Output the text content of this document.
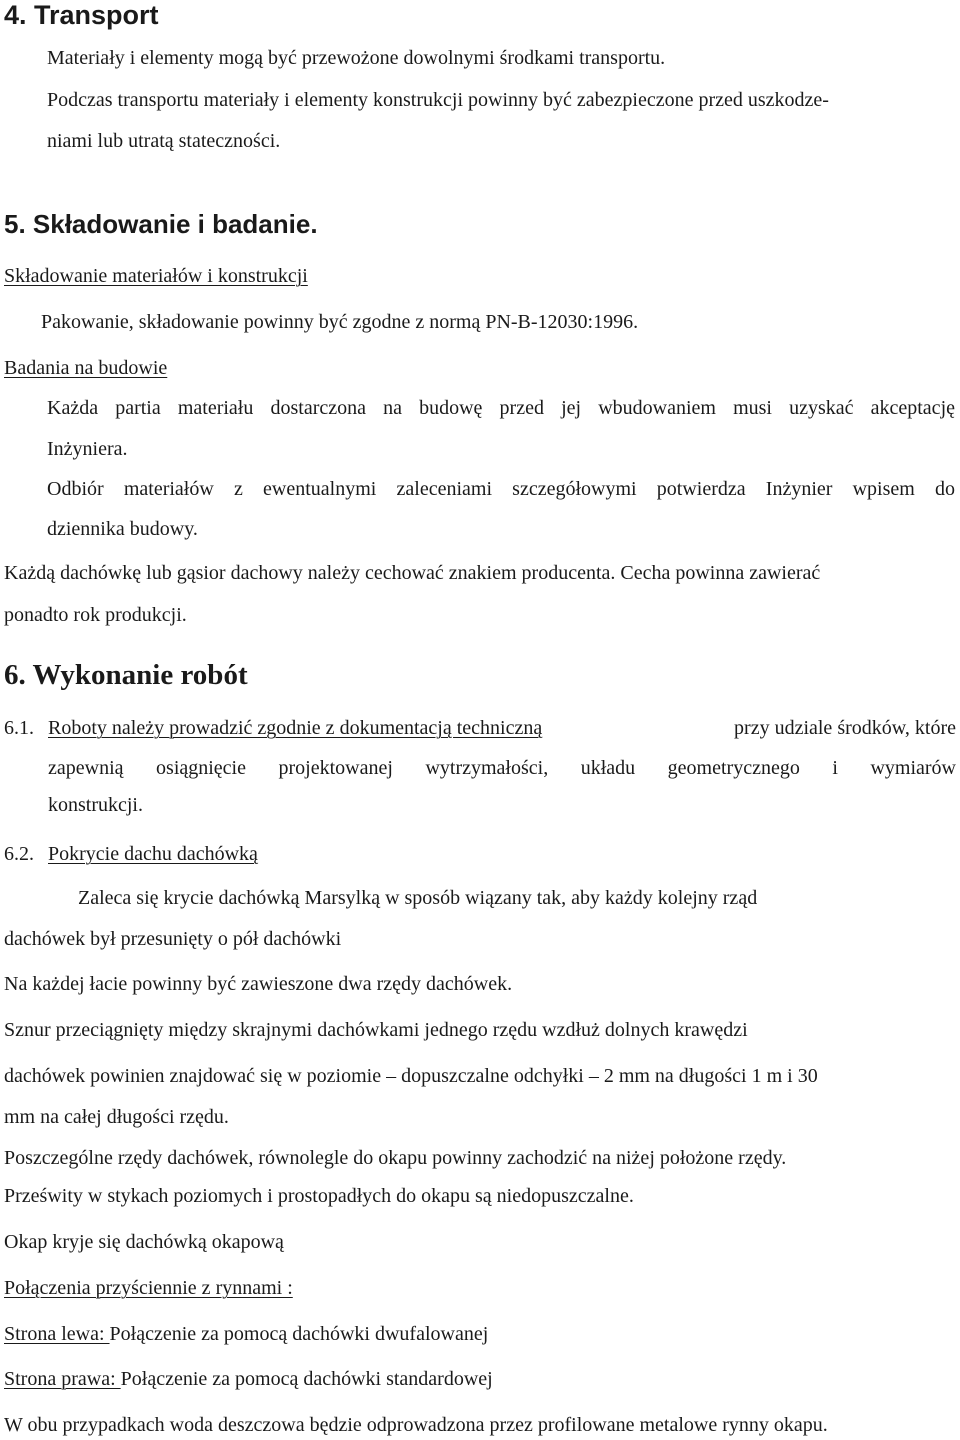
4. Transport
Materiały i elementy mogą być przewożone dowolnymi środkami transportu.
Podczas transportu materiały i elementy konstrukcji powinny być zabezpieczone przed uszkodze-
niami lub utratą stateczności.
5. Składowanie i badanie.
Składowanie materiałów i konstrukcji
Pakowanie, składowanie powinny być zgodne z normą PN-B-12030:1996.
Badania na budowie
Każda partia materiału dostarczona na budowę przed jej wbudowaniem musi uzyskać akceptację
Inżyniera.
Odbiór materiałów z ewentualnymi zaleceniami szczegółowymi potwierdza Inżynier wpisem do
dziennika budowy.
Każdą dachówkę lub gąsior dachowy należy cechować znakiem producenta. Cecha powinna zawierać
ponadto rok produkcji.
6. Wykonanie robót
6.1. Roboty należy prowadzić zgodnie z dokumentacją techniczną	przy udziale środków, które
zapewnią osiągnięcie projektowanej wytrzymałości, układu geometrycznego i wymiarów
konstrukcji.
6.2. Pokrycie dachu dachówką
Zaleca się krycie dachówką Marsylką w sposób wiązany tak, aby każdy kolejny rząd
dachówek był przesunięty o pół dachówki
Na każdej łacie powinny być zawieszone dwa rzędy dachówek.
Sznur przeciągnięty między skrajnymi dachówkami jednego rzędu wzdłuż dolnych krawędzi
dachówek powinien znajdować się w poziomie – dopuszczalne odchyłki – 2 mm na długości 1 m i 30
mm na całej długości rzędu.
Poszczególne rzędy dachówek, równolegle do okapu powinny zachodzić na niżej położone rzędy.
Prześwity w stykach poziomych i prostopadłych do okapu są niedopuszczalne.
Okap kryje się dachówką okapową
Połączenia przyściennie z rynnami :
Strona lewa: Połączenie za pomocą dachówki dwufalowanej
Strona prawa: Połączenie za pomocą dachówki standardowej
W obu przypadkach woda deszczowa będzie odprowadzona przez profilowane metalowe rynny okapu.
